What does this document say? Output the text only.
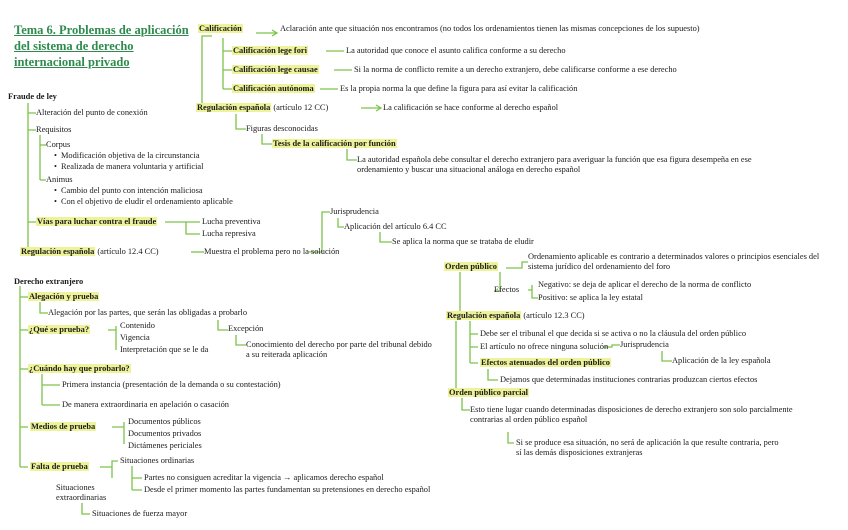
Tema 6. Problemas de aplicación del sistema de derecho internacional privado
Calificación	Aclaración ante que situación nos encontramos (no todos los ordenamientos tienen las mismas concepciones de los supuesto)
Calificación lege fori	La autoridad que conoce el asunto califica conforme a su derecho
Calificación lege causae	Si la norma de conflicto remite a un derecho extranjero, debe calificarse conforme a ese derecho
Calificación autónoma	Es la propia norma la que define la figura para así evitar la calificación
Regulación española (artículo 12 CC)	La calificación se hace conforme al derecho español
Figuras desconocidas
Tesis de la calificación por función
La autoridad española debe consultar el derecho extranjero para averiguar la función que esa figura desempeña en ese ordenamiento y buscar una situacional análoga en derecho español
Fraude de ley
Alteración del punto de conexión
Requisitos
Corpus
• Modificación objetiva de la circunstancia
• Realizada de manera voluntaria y artificial
Animus
• Cambio del punto con intención maliciosa
• Con el objetivo de eludir el ordenamiento aplicable
Vías para luchar contra el fraude	Lucha preventiva
Lucha represiva
Jurisprudencia
Aplicación del artículo 6.4 CC
Se aplica la norma que se trataba de eludir
Regulación española (artículo 12.4 CC)	Muestra el problema pero no la solución
Derecho extranjero
Alegación y prueba
Alegación por las partes, que serán las obligadas a probarlo
¿Qué se prueba?	Contenido
Vigencia
Interpretación que se le da
Excepción
Conocimiento del derecho por parte del tribunal debido a su reiterada aplicación
¿Cuándo hay que probarlo?
Primera instancia (presentación de la demanda o su contestación)
De manera extraordinaria en apelación o casación
Medios de prueba
Documentos públicos
Documentos privados
Dictámenes periciales
Falta de prueba
Situaciones ordinarias
Partes no consiguen acreditar la vigencia → aplicamos derecho español
Desde el primer momento las partes fundamentan su pretensiones en derecho español
Situaciones extraordinarias
Situaciones de fuerza mayor
Orden público
Ordenamiento aplicable es contrario a determinados valores o principios esenciales del sistema jurídico del ordenamiento del foro
Efectos
Negativo: se deja de aplicar el derecho de la norma de conflicto
Positivo: se aplica la ley estatal
Regulación española (artículo 12.3 CC)
Debe ser el tribunal el que decida si se activa o no la cláusula del orden público
El artículo no ofrece ninguna solución Jurisprudencia
Aplicación de la ley española
Efectos atenuados del orden público
Dejamos que determinadas instituciones contrarias produzcan ciertos efectos
Orden público parcial
Esto tiene lugar cuando determinadas disposiciones de derecho extranjero son solo parcialmente contrarias al orden público español
Si se produce esa situación, no será de aplicación la que resulte contraria, pero sí las demás disposiciones extranjeras
